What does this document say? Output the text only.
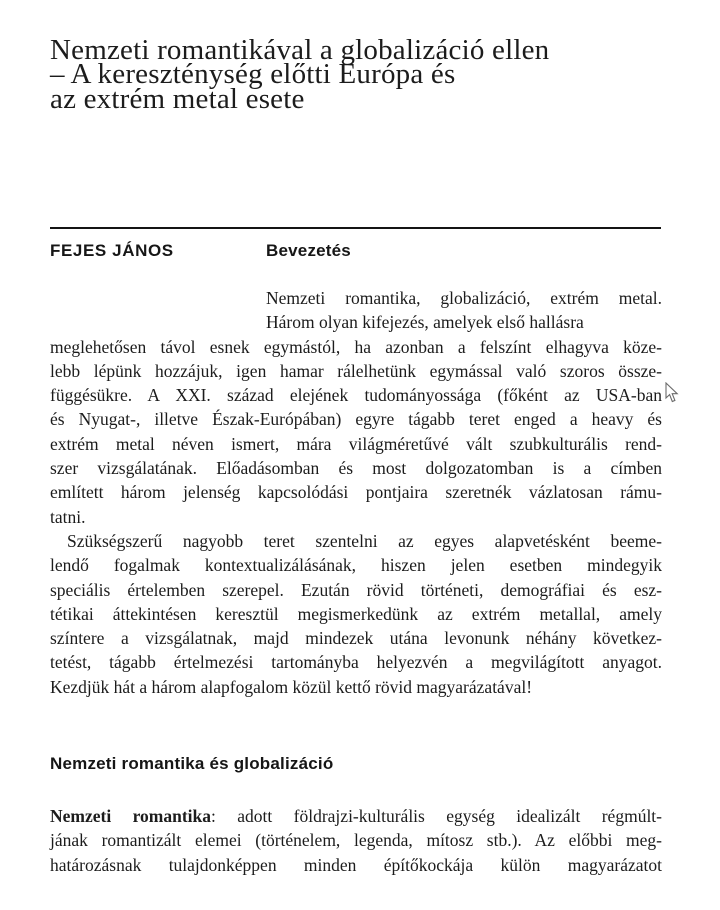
Nemzeti romantikával a globalizáció ellen
– A kereszténység előtti Európa és
az extrém metal esete
FEJES JÁNOS	Bevezetés
Nemzeti romantika, globalizáció, extrém metal.
Három olyan kifejezés, amelyek első hallásra
meglehetősen távol esnek egymástól, ha azonban a felszínt elhagyva köze-
lebb lépünk hozzájuk, igen hamar rálelhetünk egymással való szoros össze-
függésükre. A XXI. század elejének tudományossága (főként az USA-ban
és Nyugat-, illetve Észak-Európában) egyre tágabb teret enged a heavy és
extrém metal néven ismert, mára világméretűvé vált szubkulturális rend-
szer vizsgálatának. Előadásomban és most dolgozatomban is a címben
említett három jelenség kapcsolódási pontjaira szeretnék vázlatosan rámu-
tatni.
Szükségszerű nagyobb teret szentelni az egyes alapvetésként beeme-
lendő fogalmak kontextualizálásának, hiszen jelen esetben mindegyik
speciális értelemben szerepel. Ezután rövid történeti, demográfiai és esz-
tétikai áttekintésen keresztül megismerkedünk az extrém metallal, amely
színtere a vizsgálatnak, majd mindezek utána levonunk néhány következ-
tetést, tágabb értelmezési tartományba helyezvén a megvilágított anyagot.
Kezdjük hát a három alapfogalom közül kettő rövid magyarázatával!
Nemzeti romantika és globalizáció
Nemzeti romantika: adott földrajzi-kulturális egység idealizált régmúlt-
jának romantizált elemei (történelem, legenda, mítosz stb.). Az előbbi meg-
határozásnak tulajdonképpen minden építőkockája külön magyarázatot
